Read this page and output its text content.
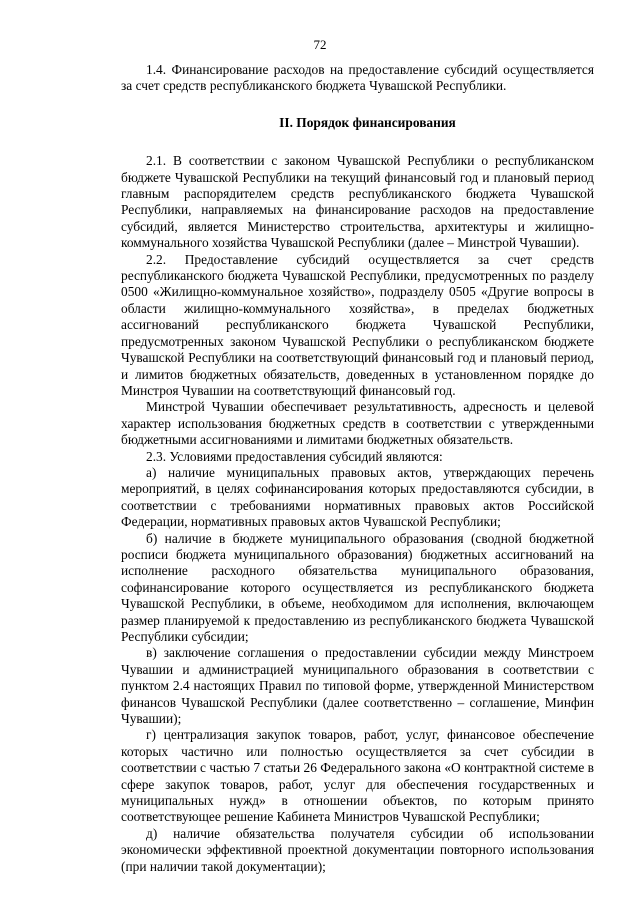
72

1.4. Финансирование расходов на предоставление субсидий осуществляется за счет средств республиканского бюджета Чувашской Республики.

II. Порядок финансирования

2.1. В соответствии с законом Чувашской Республики о республиканском бюджете Чувашской Республики на текущий финансовый год и плановый период главным распорядителем средств республиканского бюджета Чувашской Республики, направляемых на финансирование расходов на предоставление субсидий, является Министерство строительства, архитектуры и жилищно-коммунального хозяйства Чувашской Республики (далее – Минстрой Чувашии).

2.2. Предоставление субсидий осуществляется за счет средств республиканского бюджета Чувашской Республики, предусмотренных по разделу 0500 «Жилищно-коммунальное хозяйство», подразделу 0505 «Другие вопросы в области жилищно-коммунального хозяйства», в пределах бюджетных ассигнований республиканского бюджета Чувашской Республики, предусмотренных законом Чувашской Республики о республиканском бюджете Чувашской Республики на соответствующий финансовый год и плановый период, и лимитов бюджетных обязательств, доведенных в установленном порядке до Минстроя Чувашии на соответствующий финансовый год.

Минстрой Чувашии обеспечивает результативность, адресность и целевой характер использования бюджетных средств в соответствии с утвержденными бюджетными ассигнованиями и лимитами бюджетных обязательств.

2.3. Условиями предоставления субсидий являются:

а) наличие муниципальных правовых актов, утверждающих перечень мероприятий, в целях софинансирования которых предоставляются субсидии, в соответствии с требованиями нормативных правовых актов Российской Федерации, нормативных правовых актов Чувашской Республики;

б) наличие в бюджете муниципального образования (сводной бюджетной росписи бюджета муниципального образования) бюджетных ассигнований на исполнение расходного обязательства муниципального образования, софинансирование которого осуществляется из республиканского бюджета Чувашской Республики, в объеме, необходимом для исполнения, включающем размер планируемой к предоставлению из республиканского бюджета Чувашской Республики субсидии;

в) заключение соглашения о предоставлении субсидии между Минстроем Чувашии и администрацией муниципального образования в соответствии с пунктом 2.4 настоящих Правил по типовой форме, утвержденной Министерством финансов Чувашской Республики (далее соответственно – соглашение, Минфин Чувашии);

г) централизация закупок товаров, работ, услуг, финансовое обеспечение которых частично или полностью осуществляется за счет субсидии в соответствии с частью 7 статьи 26 Федерального закона «О контрактной системе в сфере закупок товаров, работ, услуг для обеспечения государственных и муниципальных нужд» в отношении объектов, по которым принято соответствующее решение Кабинета Министров Чувашской Республики;

д) наличие обязательства получателя субсидии об использовании экономически эффективной проектной документации повторного использования (при наличии такой документации);
